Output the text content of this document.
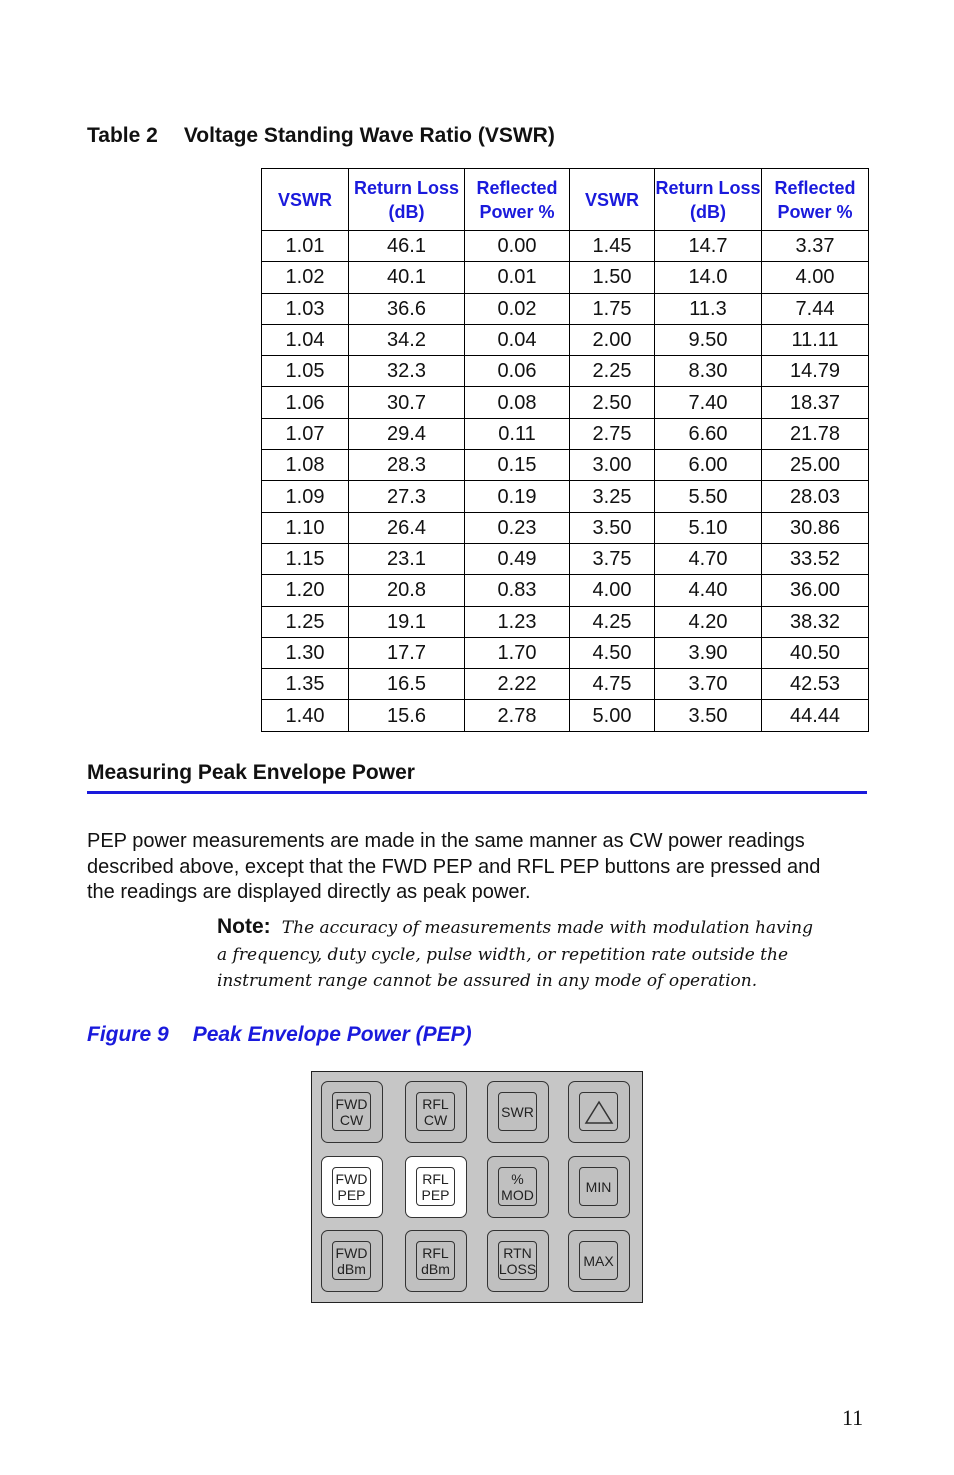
Table 2 Voltage Standing Wave Ratio (VSWR)
VSWR	Return Loss (dB)	Reflected Power %	VSWR	Return Loss (dB)	Reflected Power %
1.01	46.1	0.00	1.45	14.7	3.37
1.02	40.1	0.01	1.50	14.0	4.00
1.03	36.6	0.02	1.75	11.3	7.44
1.04	34.2	0.04	2.00	9.50	11.11
1.05	32.3	0.06	2.25	8.30	14.79
1.06	30.7	0.08	2.50	7.40	18.37
1.07	29.4	0.11	2.75	6.60	21.78
1.08	28.3	0.15	3.00	6.00	25.00
1.09	27.3	0.19	3.25	5.50	28.03
1.10	26.4	0.23	3.50	5.10	30.86
1.15	23.1	0.49	3.75	4.70	33.52
1.20	20.8	0.83	4.00	4.40	36.00
1.25	19.1	1.23	4.25	4.20	38.32
1.30	17.7	1.70	4.50	3.90	40.50
1.35	16.5	2.22	4.75	3.70	42.53
1.40	15.6	2.78	5.00	3.50	44.44
Measuring Peak Envelope Power
PEP power measurements are made in the same manner as CW power readings
described above, except that the FWD PEP and RFL PEP buttons are pressed and
the readings are displayed directly as peak power.
Note: The accuracy of measurements made with modulation having
a frequency, duty cycle, pulse width, or repetition rate outside the
instrument range cannot be assured in any mode of operation.
Figure 9 Peak Envelope Power (PEP)
FWD
CW
RFL
CW	SWR
FWD
PEP
RFL
PEP
%
MOD	MIN
FWD
dBm
RFL
dBm
RTN
LOSS	MAX
11
